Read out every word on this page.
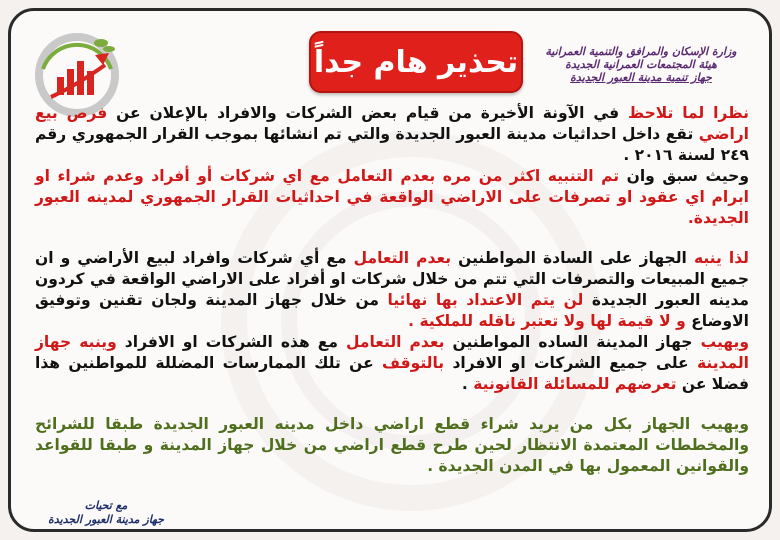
تحذير هام جداً	وزارة الإسكان والمرافق والتنمية العمرانية
هيئة المجتمعات العمرانية الجديدة
جهاز تنمية مدينة العبور الجديدة

نظرا لما تلاحظ في الآونة الأخيرة من قيام بعض الشركات والافراد بالإعلان عن فرص بيع اراضي تقع داخل احداثيات مدينة العبور الجديدة والتي تم انشائها بموجب القرار الجمهوري رقم ٢٤٩ لسنة ٢٠١٦ .

وحيث سبق وان تم التنبيه اكثر من مره بعدم التعامل مع اي شركات أو أفراد وعدم شراء او ابرام اي عقود او تصرفات على الاراضي الواقعة في احداثيات القرار الجمهوري لمدينه العبور الجديدة.

لذا ينبه الجهاز على السادة المواطنين بعدم التعامل مع أي شركات وافراد لبيع الأراضي و ان جميع المبيعات والتصرفات التي تتم من خلال شركات او أفراد على الاراضي الواقعة في كردون مدينه العبور الجديدة لن يتم الاعتداد بها نهائيا من خلال جهاز المدينة ولجان تقنين وتوفيق الاوضاع و لا قيمة لها ولا تعتبر ناقله للملكية .

ويهيب جهاز المدينة الساده المواطنين بعدم التعامل مع هذه الشركات او الافراد وينبه جهاز المدينة على جميع الشركات او الافراد بالتوقف عن تلك الممارسات المضللة للمواطنين هذا فضلا عن تعرضهم للمسائلة القانونية .

ويهيب الجهاز بكل من يريد شراء قطع اراضي داخل مدينه العبور الجديدة طبقا للشرائح والمخططات المعتمدة الانتظار لحين طرح قطع اراضي من خلال جهاز المدينة و طبقا للقواعد والقوانين المعمول بها في المدن الجديدة .

مع تحيات
جهاز مدينة العبور الجديدة
